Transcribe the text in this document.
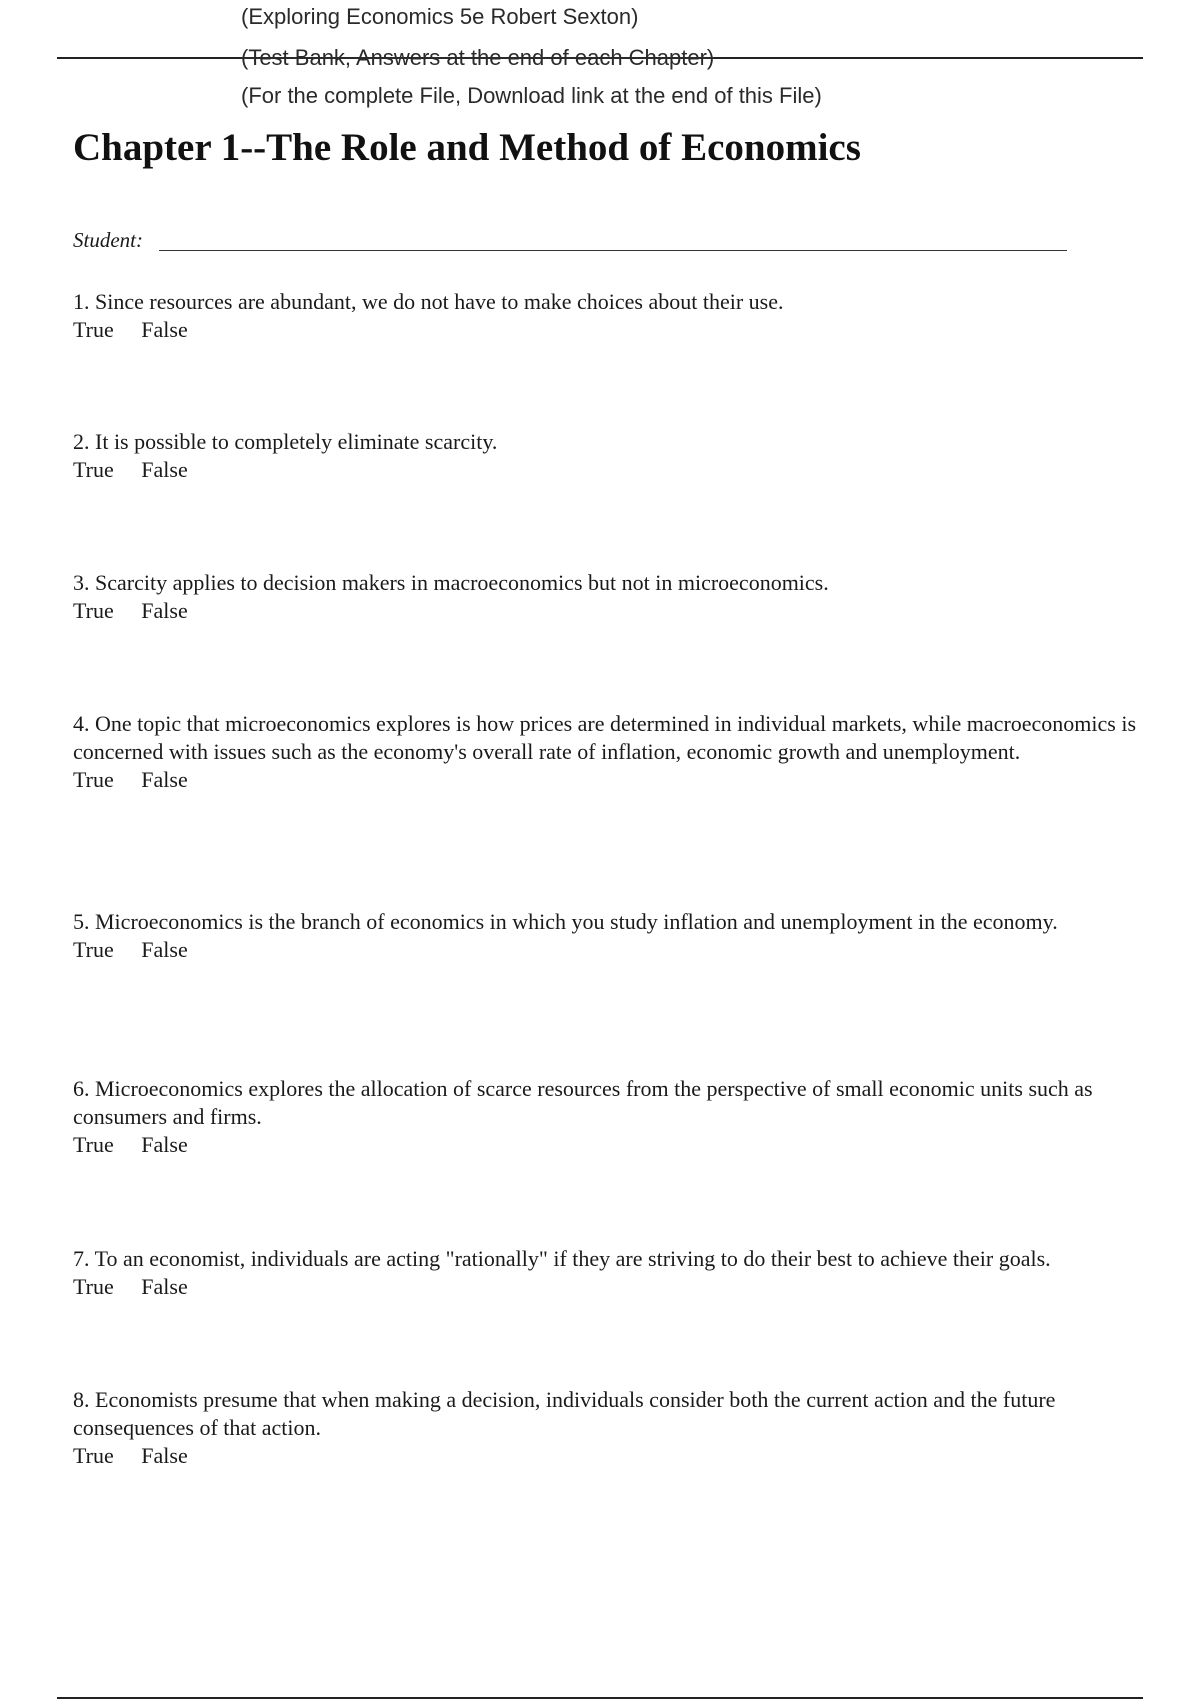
(Exploring Economics 5e Robert Sexton)
(Test Bank, Answers at the end of each Chapter)
(For the complete File, Download link at the end of this File)
Chapter 1--The Role and Method of Economics
Student:
1. Since resources are abundant, we do not have to make choices about their use.
True False
2. It is possible to completely eliminate scarcity.
True False
3. Scarcity applies to decision makers in macroeconomics but not in microeconomics.
True False
4. One topic that microeconomics explores is how prices are determined in individual markets, while macroeconomics is concerned with issues such as the economy's overall rate of inflation, economic growth and unemployment.
True False
5. Microeconomics is the branch of economics in which you study inflation and unemployment in the economy.
True False
6. Microeconomics explores the allocation of scarce resources from the perspective of small economic units such as consumers and firms.
True False
7. To an economist, individuals are acting "rationally" if they are striving to do their best to achieve their goals.
True False
8. Economists presume that when making a decision, individuals consider both the current action and the future consequences of that action.
True False
